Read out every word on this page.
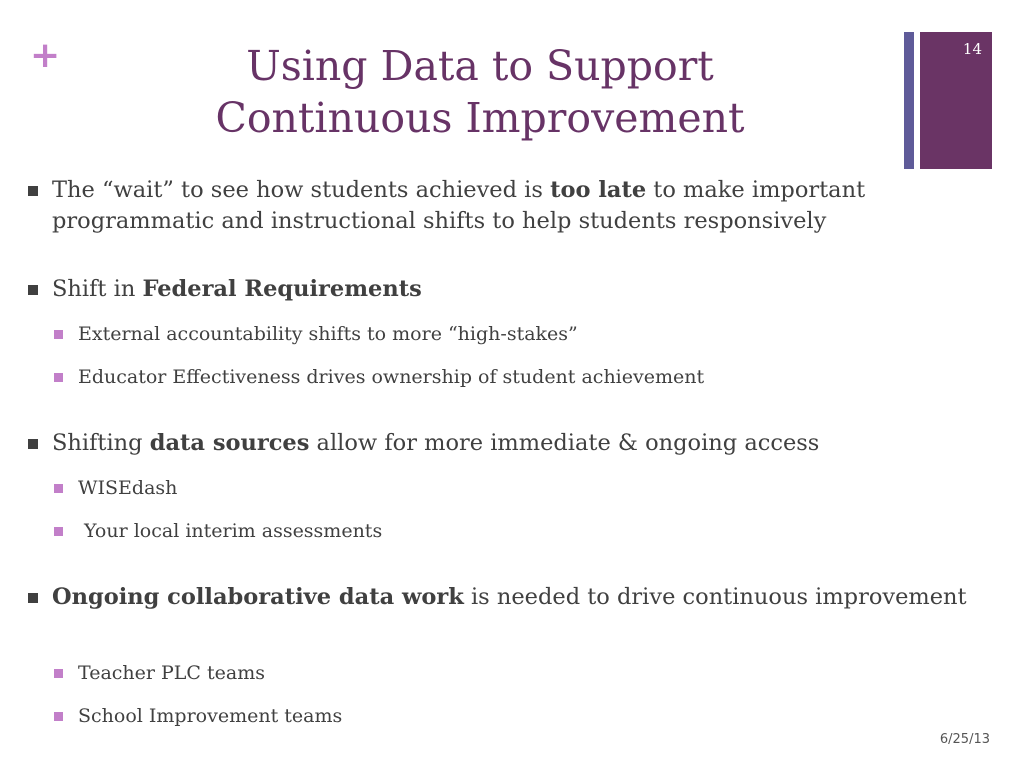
+	Using Data to Support
Continuous Improvement
14
The “wait” to see how students achieved is too late to make important programmatic and instructional shifts to help students responsively
Shift in Federal Requirements
External accountability shifts to more “high-stakes”
Educator Effectiveness drives ownership of student achievement
Shifting data sources allow for more immediate & ongoing access
WISEdash
Your local interim assessments
Ongoing collaborative data work is needed to drive continuous improvement
Teacher PLC teams
School Improvement teams
6/25/13
